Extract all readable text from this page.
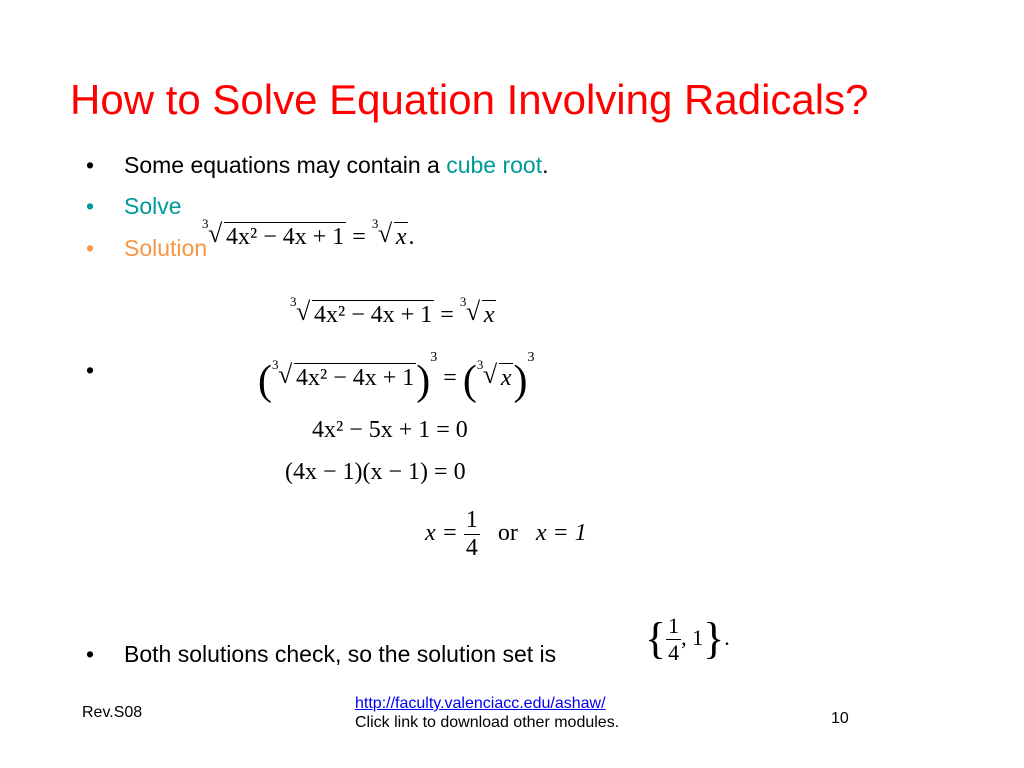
How to Solve Equation Involving Radicals?
• Some equations may contain a cube root.
• Solve
• Solution
3 √ 4x² − 4x + 1 =
3 √ x.
3 √ 4x² − 4x + 1 =
3 √ x
•	( 3 √ 4x² − 4x + 1)$^3$ = ( 3 √ x)$^3$
4x² − 5x + 1 = 0
(4x − 1)(x − 1) = 0
$x = \frac{1}{4}$ or x = 1
• Both solutions check, so the solution set is { $\frac{1}{4}$ , 1}.
Rev.S08
http://faculty.valenciacc.edu/ashaw/
Click link to download other modules.	10
